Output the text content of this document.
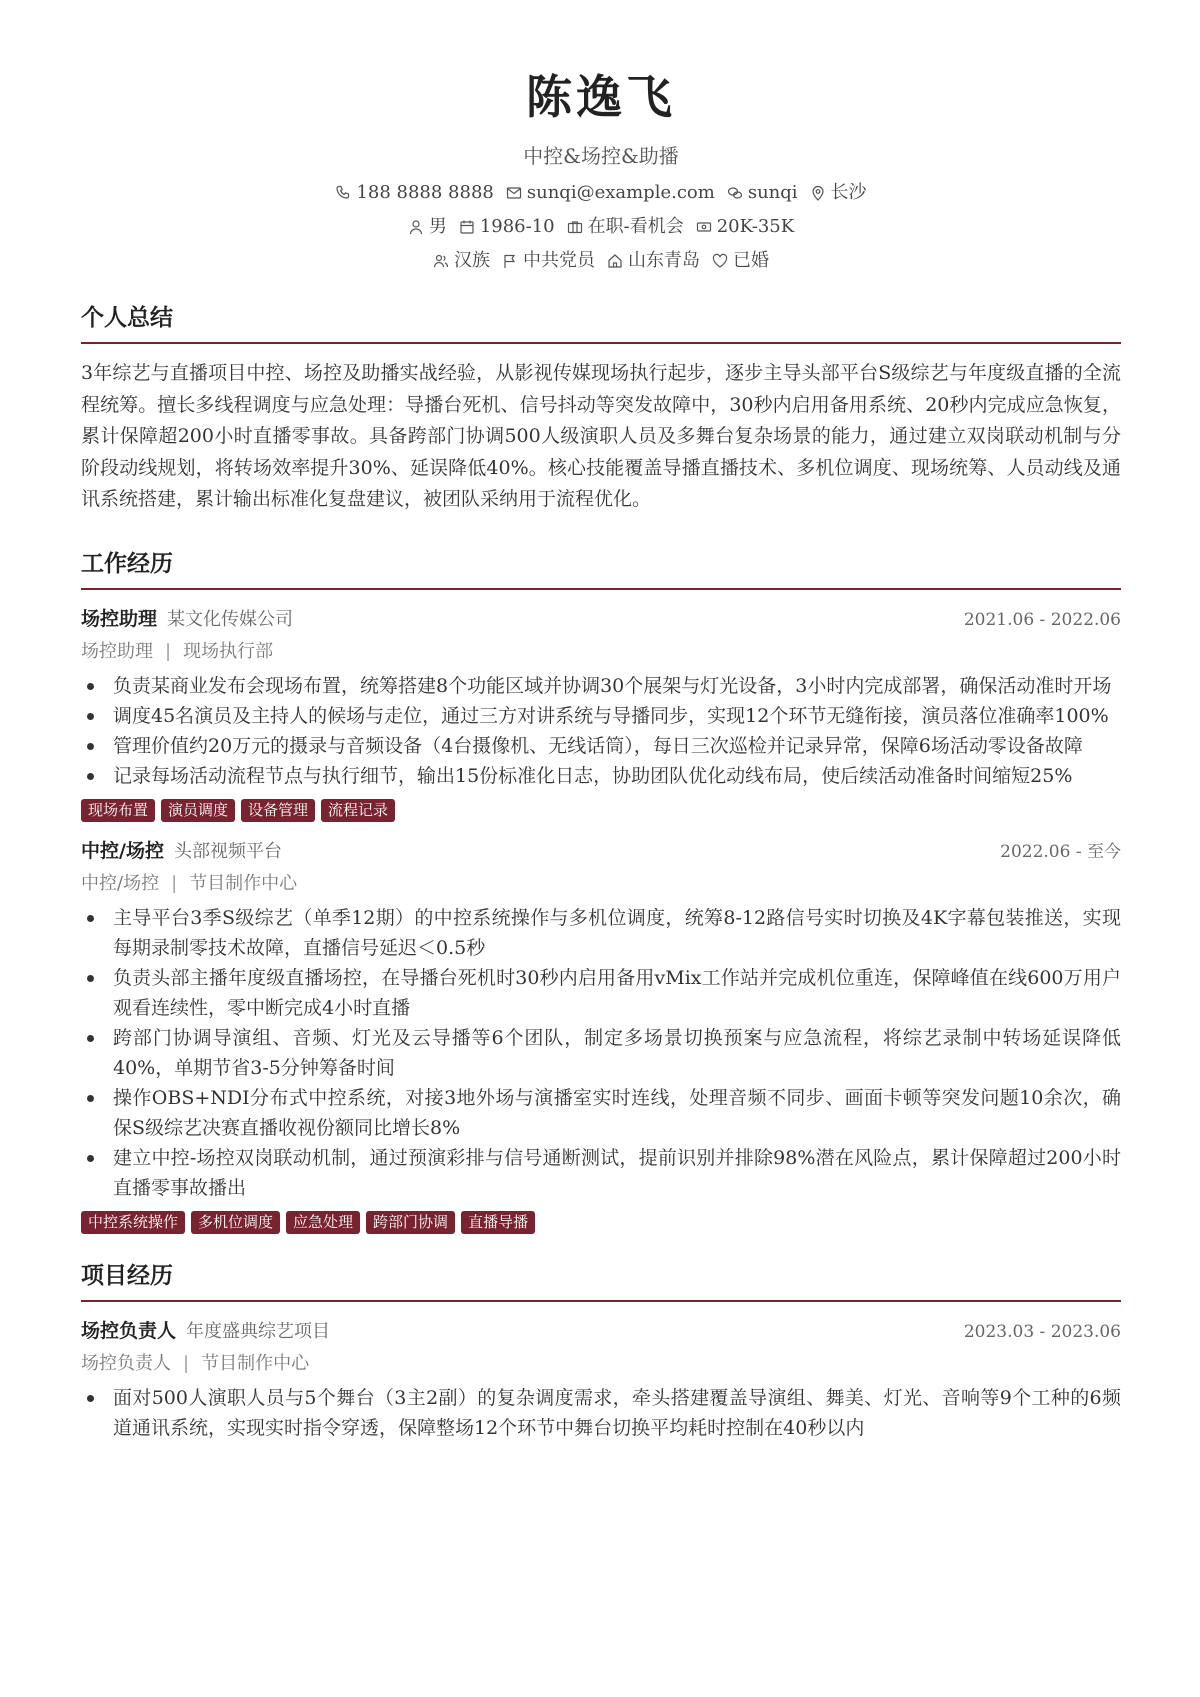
陈逸飞
中控&场控&助播
188 8888 8888 sunqi@example.com sunqi 长沙
男 1986-10 在职-看机会 20K-35K
汉族 中共党员 山东青岛 已婚
个人总结
3年综艺与直播项目中控、场控及助播实战经验，从影视传媒现场执行起步，逐步主导头部平台S级综艺与年度级直播的全流程统筹。擅长多线程调度与应急处理：导播台死机、信号抖动等突发故障中，30秒内启用备用系统、20秒内完成应急恢复，累计保障超200小时直播零事故。具备跨部门协调500人级演职人员及多舞台复杂场景的能力，通过建立双岗联动机制与分阶段动线规划，将转场效率提升30%、延误降低40%。核心技能覆盖导播直播技术、多机位调度、现场统筹、人员动线及通讯系统搭建，累计输出标准化复盘建议，被团队采纳用于流程优化。
工作经历
场控助理 某文化传媒公司	2021.06 - 2022.06
场控助理 | 现场执行部
负责某商业发布会现场布置，统筹搭建8个功能区域并协调30个展架与灯光设备，3小时内完成部署，确保活动准时开场
调度45名演员及主持人的候场与走位，通过三方对讲系统与导播同步，实现12个环节无缝衔接，演员落位准确率100%
管理价值约20万元的摄录与音频设备（4台摄像机、无线话筒），每日三次巡检并记录异常，保障6场活动零设备故障
记录每场活动流程节点与执行细节，输出15份标准化日志，协助团队优化动线布局，使后续活动准备时间缩短25%
现场布置	演员调度	设备管理	流程记录
中控/场控 头部视频平台	2022.06 - 至今
中控/场控 | 节目制作中心
主导平台3季S级综艺（单季12期）的中控系统操作与多机位调度，统筹8-12路信号实时切换及4K字幕包装推送，实现每期录制零技术故障，直播信号延迟＜0.5秒
负责头部主播年度级直播场控，在导播台死机时30秒内启用备用vMix工作站并完成机位重连，保障峰值在线600万用户观看连续性，零中断完成4小时直播
跨部门协调导演组、音频、灯光及云导播等6个团队，制定多场景切换预案与应急流程，将综艺录制中转场延误降低40%，单期节省3-5分钟筹备时间
操作OBS+NDI分布式中控系统，对接3地外场与演播室实时连线，处理音频不同步、画面卡顿等突发问题10余次，确保S级综艺决赛直播收视份额同比增长8%
建立中控-场控双岗联动机制，通过预演彩排与信号通断测试，提前识别并排除98%潜在风险点，累计保障超过200小时直播零事故播出
中控系统操作	多机位调度	应急处理	跨部门协调	直播导播
项目经历
场控负责人 年度盛典综艺项目	2023.03 - 2023.06
场控负责人 | 节目制作中心
面对500人演职人员与5个舞台（3主2副）的复杂调度需求，牵头搭建覆盖导演组、舞美、灯光、音响等9个工种的6频道通讯系统，实现实时指令穿透，保障整场12个环节中舞台切换平均耗时控制在40秒以内
